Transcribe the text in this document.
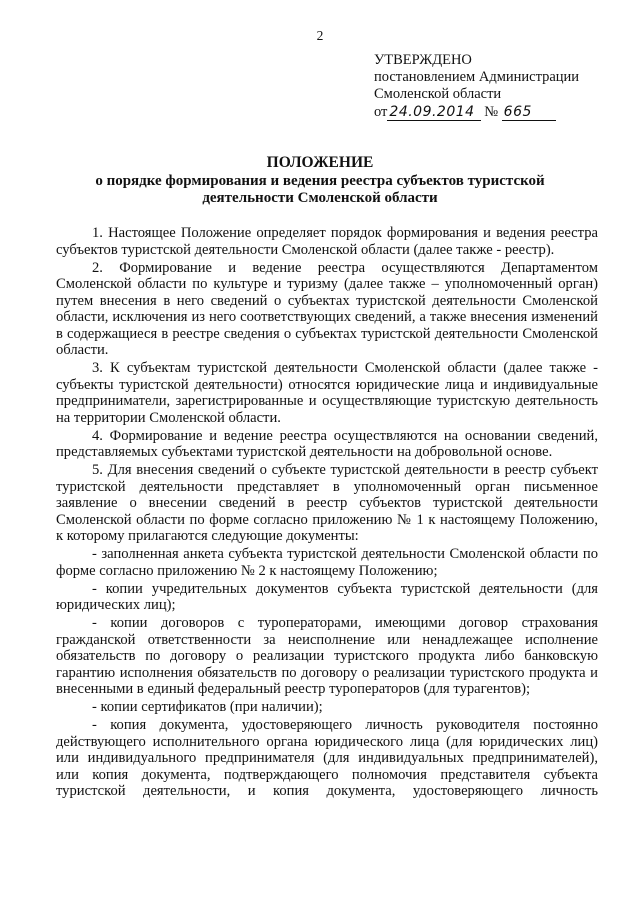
2
УТВЕРЖДЕНО
постановлением Администрации
Смоленской области
от 24.09.2014 № 665
ПОЛОЖЕНИЕ
о порядке формирования и ведения реестра субъектов туристской
деятельности Смоленской области

1. Настоящее Положение определяет порядок формирования и ведения реестра субъектов туристской деятельности Смоленской области (далее также - реестр).

2. Формирование и ведение реестра осуществляются Департаментом Смоленской области по культуре и туризму (далее также – уполномоченный орган) путем внесения в него сведений о субъектах туристской деятельности Смоленской области, исключения из него соответствующих сведений, а также внесения изменений в содержащиеся в реестре сведения о субъектах туристской деятельности Смоленской области.

3. К субъектам туристской деятельности Смоленской области (далее также - субъекты туристской деятельности) относятся юридические лица и индивидуальные предприниматели, зарегистрированные и осуществляющие туристскую деятельность на территории Смоленской области.

4. Формирование и ведение реестра осуществляются на основании сведений, представляемых субъектами туристской деятельности на добровольной основе.

5. Для внесения сведений о субъекте туристской деятельности в реестр субъект туристской деятельности представляет в уполномоченный орган письменное заявление о внесении сведений в реестр субъектов туристской деятельности Смоленской области по форме согласно приложению № 1 к настоящему Положению, к которому прилагаются следующие документы:

- заполненная анкета субъекта туристской деятельности Смоленской области по форме согласно приложению № 2 к настоящему Положению;

- копии учредительных документов субъекта туристской деятельности (для юридических лиц);

- копии договоров с туроператорами, имеющими договор страхования гражданской ответственности за неисполнение или ненадлежащее исполнение обязательств по договору о реализации туристского продукта либо банковскую гарантию исполнения обязательств по договору о реализации туристского продукта и внесенными в единый федеральный реестр туроператоров (для турагентов);

- копии сертификатов (при наличии);

- копия документа, удостоверяющего личность руководителя постоянно действующего исполнительного органа юридического лица (для юридических лиц) или индивидуального предпринимателя (для индивидуальных предпринимателей), или копия документа, подтверждающего полномочия представителя субъекта туристской деятельности, и копия документа, удостоверяющего личность
